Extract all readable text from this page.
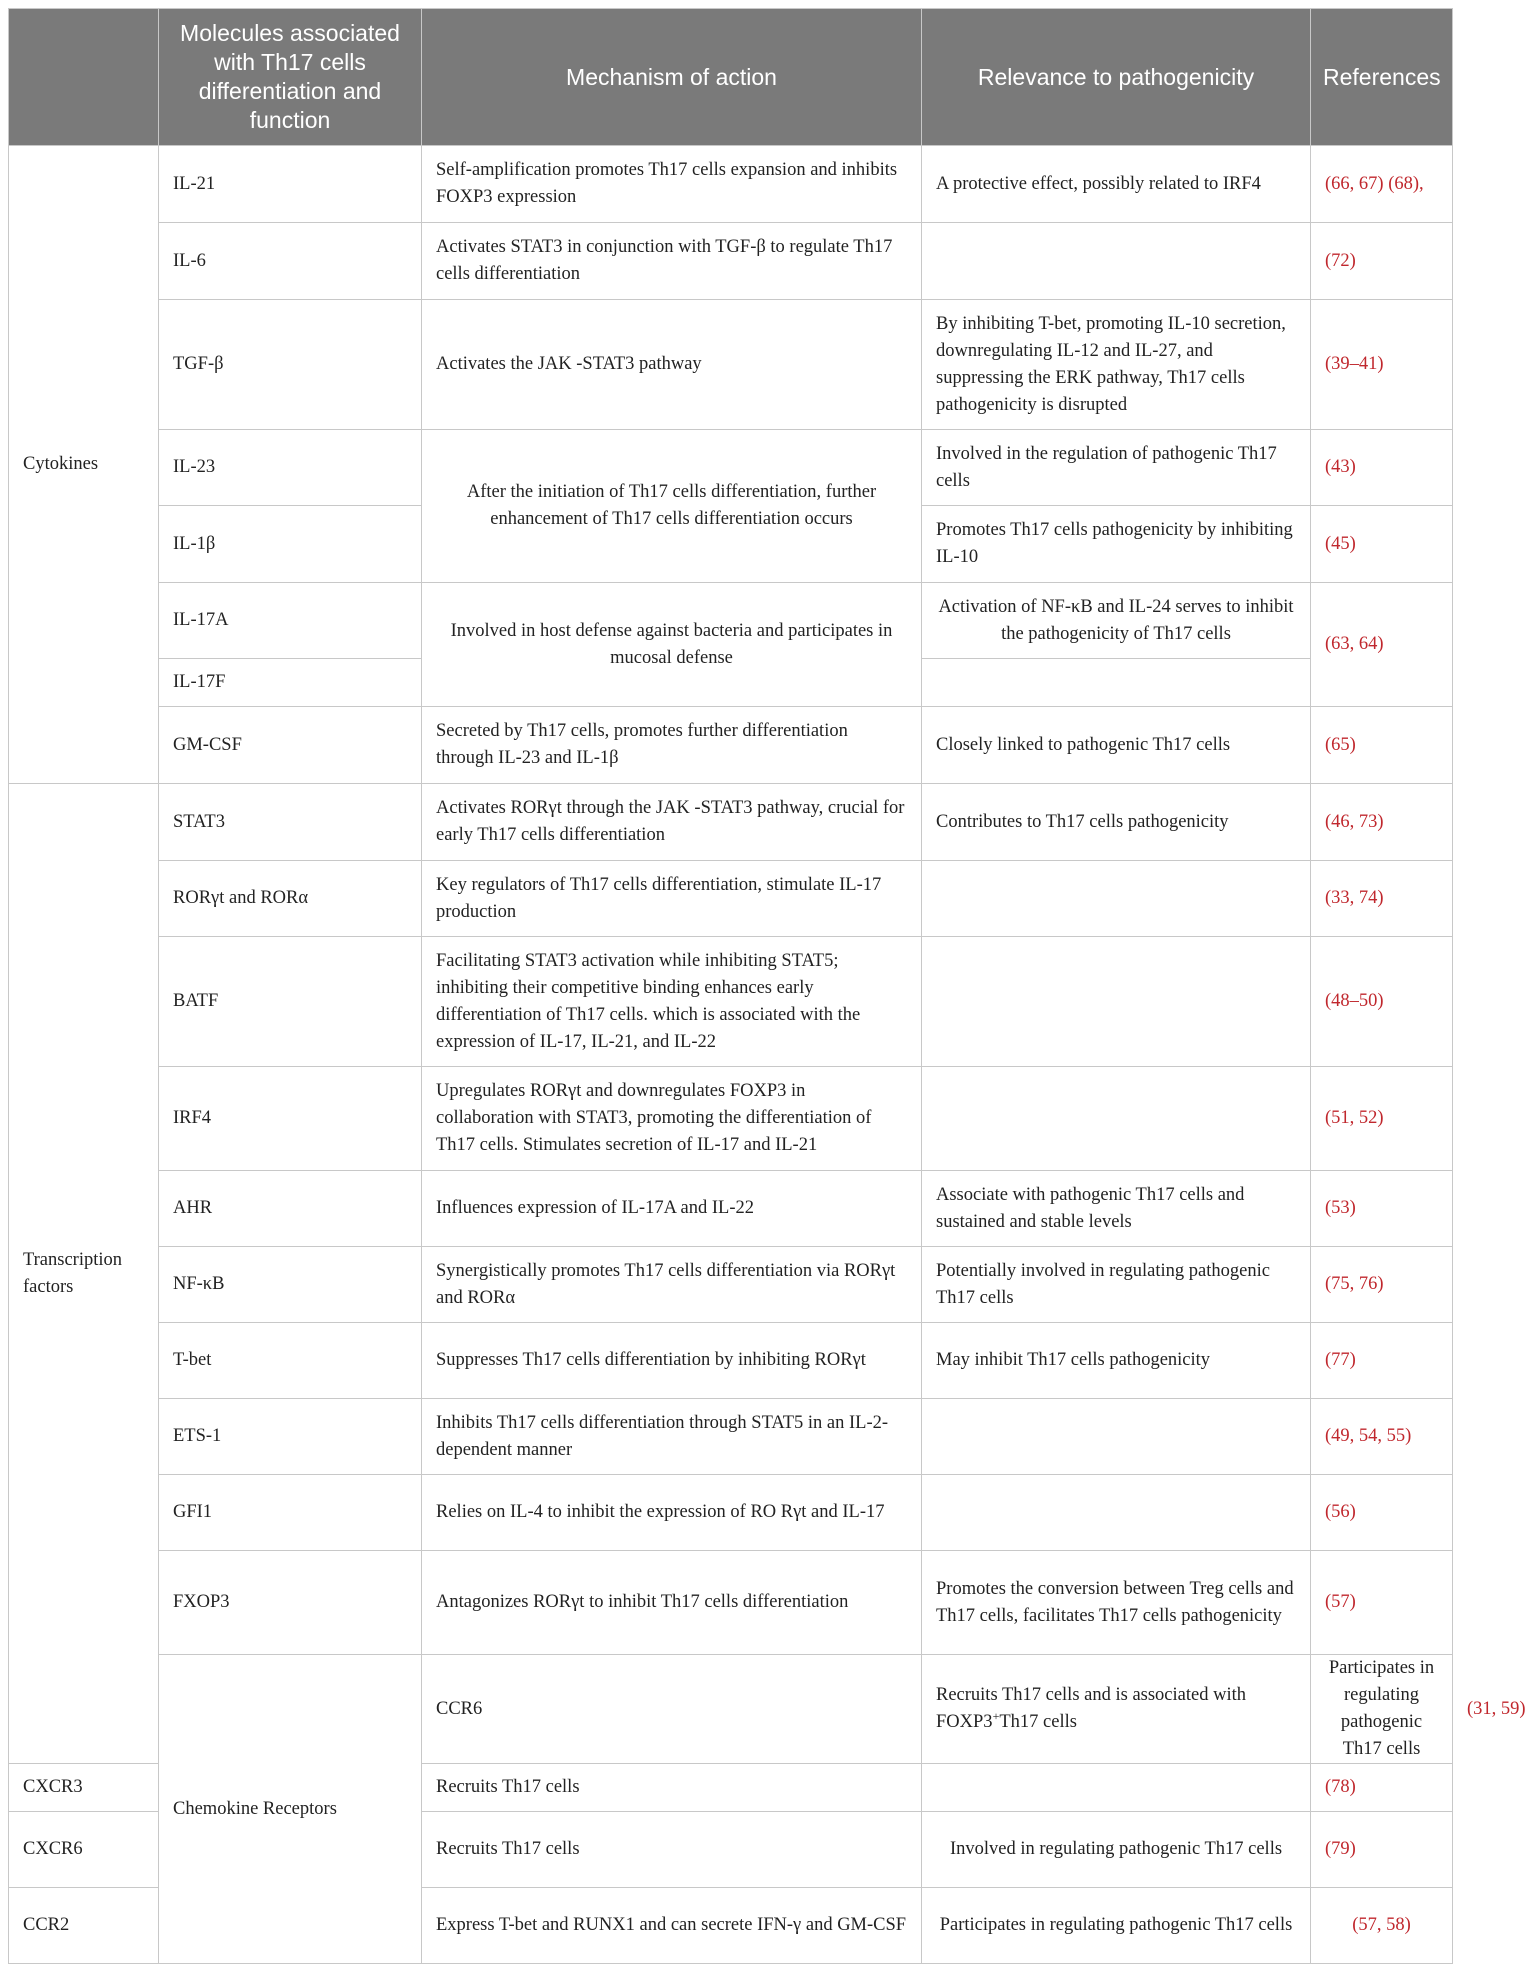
	Molecules associated with Th17 cells differentiation and function	Mechanism of action	Relevance to pathogenicity	References	
Cytokines	IL-21	Self-amplification promotes Th17 cells expansion and inhibits FOXP3 expression	A protective effect, possibly related to IRF4	(66, 67) (68),	
	IL-6	Activates STAT3 in conjunction with TGF-β to regulate Th17 cells differentiation		(72)	
	TGF-β	Activates the JAK -STAT3 pathway	By inhibiting T-bet, promoting IL-10 secretion, downregulating IL-12 and IL-27, and suppressing the ERK pathway, Th17 cells pathogenicity is disrupted	(39–41)	
	IL-23	After the initiation of Th17 cells differentiation, further enhancement of Th17 cells differentiation occurs	Involved in the regulation of pathogenic Th17 cells	(43)	
	IL-1β		Promotes Th17 cells pathogenicity by inhibiting IL-10	(45)	
	IL-17A	Involved in host defense against bacteria and participates in mucosal defense	Activation of NF-κB and IL-24 serves to inhibit the pathogenicity of Th17 cells	(63, 64)	
	IL-17F				
	GM-CSF	Secreted by Th17 cells, promotes further differentiation through IL-23 and IL-1β	Closely linked to pathogenic Th17 cells	(65)	
Transcription factors	STAT3	Activates RORγt through the JAK -STAT3 pathway, crucial for early Th17 cells differentiation	Contributes to Th17 cells pathogenicity	(46, 73)	
	RORγt and RORα	Key regulators of Th17 cells differentiation, stimulate IL-17 production		(33, 74)	
	BATF	Facilitating STAT3 activation while inhibiting STAT5; inhibiting their competitive binding enhances early differentiation of Th17 cells. which is associated with the expression of IL-17, IL-21, and IL-22		(48–50)	
	IRF4	Upregulates RORγt and downregulates FOXP3 in collaboration with STAT3, promoting the differentiation of Th17 cells. Stimulates secretion of IL-17 and IL-21		(51, 52)	
	AHR	Influences expression of IL-17A and IL-22	Associate with pathogenic Th17 cells and sustained and stable levels	(53)	
	NF-κB	Synergistically promotes Th17 cells differentiation via RORγt and RORα	Potentially involved in regulating pathogenic Th17 cells	(75, 76)	
	T-bet	Suppresses Th17 cells differentiation by inhibiting RORγt	May inhibit Th17 cells pathogenicity	(77)	
	ETS-1	Inhibits Th17 cells differentiation through STAT5 in an IL-2-dependent manner		(49, 54, 55)	
	GFI1	Relies on IL-4 to inhibit the expression of RO Rγt and IL-17		(56)	
	FXOP3	Antagonizes RORγt to inhibit Th17 cells differentiation	Promotes the conversion between Treg cells and Th17 cells, facilitates Th17 cells pathogenicity	(57)	
	Chemokine Receptors	CCR6	Recruits Th17 cells and is associated with FOXP3+Th17 cells	Participates in regulating pathogenic Th17 cells	(31, 59)
CXCR3		Recruits Th17 cells		(78)	
CXCR6		Recruits Th17 cells	Involved in regulating pathogenic Th17 cells	(79)	
CCR2		Express T-bet and RUNX1 and can secrete IFN-γ and GM-CSF	Participates in regulating pathogenic Th17 cells	(57, 58)	
